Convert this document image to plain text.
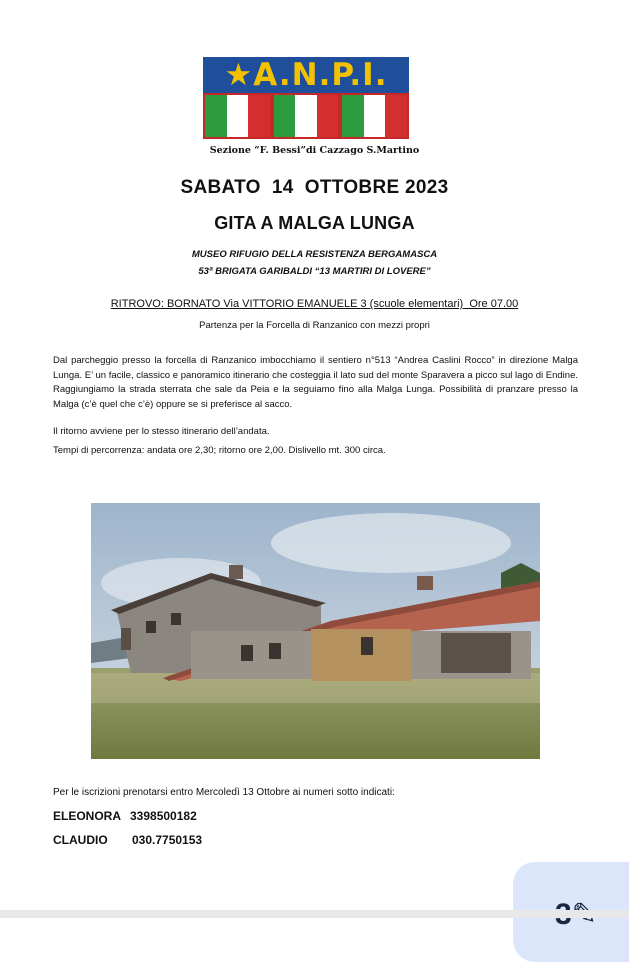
★A.N.P.I.
Sezione “F. Bessi”di Cazzago S.Martino
SABATO  14  OTTOBRE 2023
GITA A MALGA LUNGA
MUSEO RIFUGIO DELLA RESISTENZA BERGAMASCA
53ª BRIGATA GARIBALDI “13 MARTIRI DI LOVERE”
RITROVO: BORNATO Via VITTORIO EMANUELE 3 (scuole elementari)  Ore 07.00
Partenza per la Forcella di Ranzanico con mezzi propri
Dal parcheggio presso la forcella di Ranzanico imbocchiamo il sentiero n°513 “Andrea Caslini Rocco” in direzione Malga Lunga. E’ un facile, classico e panoramico itinerario che costeggia il lato sud del monte Sparavera a picco sul lago di Endine. Raggiungiamo la strada sterrata che sale da Peia e la seguiamo fino alla Malga Lunga. Possibilità di pranzare presso la Malga (c’è quel che c’è) oppure se si preferisce al sacco.
Il ritorno avviene per lo stesso itinerario dell’andata.
Tempi di percorrenza: andata ore 2,30; ritorno ore 2,00. Dislivello mt. 300 circa.
Per le iscrizioni prenotarsi entro Mercoledì 13 Ottobre ai numeri sotto indicati:
ELEONORA 3398500182
CLAUDIO 030.7750153
